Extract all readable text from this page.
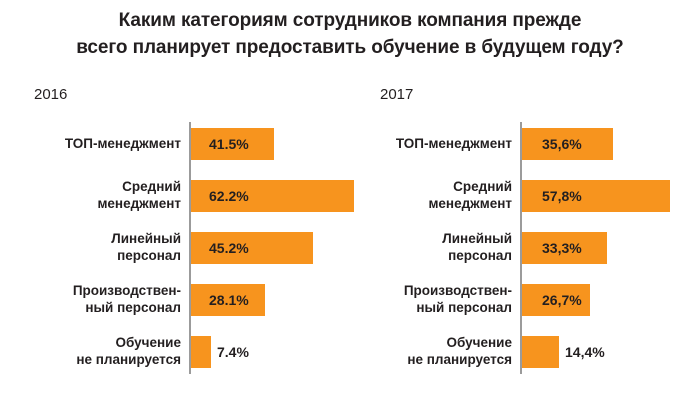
Каким категориям сотрудников компания прежде
всего планирует предоставить обучение в будущем году?
2016
ТОП-менеджмент 41.5%
Средний
менеджмент 62.2%
Линейный
персонал 45.2%
Производствен-
ный персонал 28.1%
Обучение
не планируется	7.4%
2017
ТОП-менеджмент 35,6%
Средний
менеджмент 57,8%
Линейный
персонал 33,3%
Производствен-
ный персонал 26,7%
Обучение
не планируется	14,4%
